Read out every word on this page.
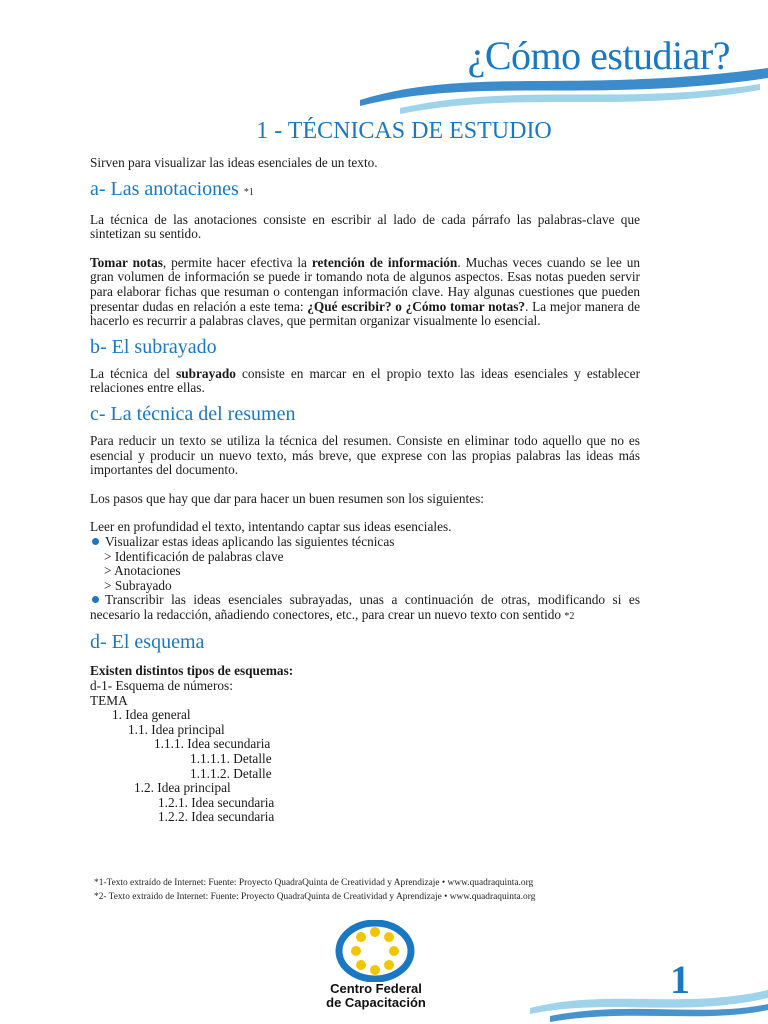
¿Cómo estudiar?
1 - TÉCNICAS DE ESTUDIO

Sirven para visualizar las ideas esenciales de un texto.

a- Las anotaciones *1

La técnica de las anotaciones consiste en escribir al lado de cada párrafo las palabras-clave que sintetizan su sentido.

Tomar notas, permite hacer efectiva la retención de información. Muchas veces cuando se lee un gran volumen de información se puede ir tomando nota de algunos aspectos. Esas notas pueden servir para elaborar fichas que resuman o contengan información clave. Hay algunas cuestiones que pueden presentar dudas en relación a este tema: ¿Qué escribir? o ¿Cómo tomar notas?. La mejor manera de hacerlo es recurrir a palabras claves, que permitan organizar visualmente lo esencial.

b- El subrayado

La técnica del subrayado consiste en marcar en el propio texto las ideas esenciales y establecer relaciones entre ellas.

c- La técnica del resumen

Para reducir un texto se utiliza la técnica del resumen. Consiste en eliminar todo aquello que no es esencial y producir un nuevo texto, más breve, que exprese con las propias palabras las ideas más importantes del documento.

Los pasos que hay que dar para hacer un buen resumen son los siguientes:

Leer en profundidad el texto, intentando captar sus ideas esenciales.

Visualizar estas ideas aplicando las siguientes técnicas

> Identificación de palabras clave

> Anotaciones

> Subrayado

Transcribir las ideas esenciales subrayadas, unas a continuación de otras, modificando si es necesario la redacción, añadiendo conectores, etc., para crear un nuevo texto con sentido *2

d- El esquema

Existen distintos tipos de esquemas:

d-1- Esquema de números:

TEMA

1. Idea general

1.1. Idea principal

1.1.1. Idea secundaria

1.1.1.1. Detalle

1.1.1.2. Detalle

1.2. Idea principal

1.2.1. Idea secundaria

1.2.2. Idea secundaria

*1-Texto extraído de Internet: Fuente: Proyecto QuadraQuinta de Creatividad y Aprendizaje • www.quadraquinta.org
*2- Texto extraído de Internet: Fuente: Proyecto QuadraQuinta de Creatividad y Aprendizaje • www.quadraquinta.org
Centro Federal
de Capacitación
1
